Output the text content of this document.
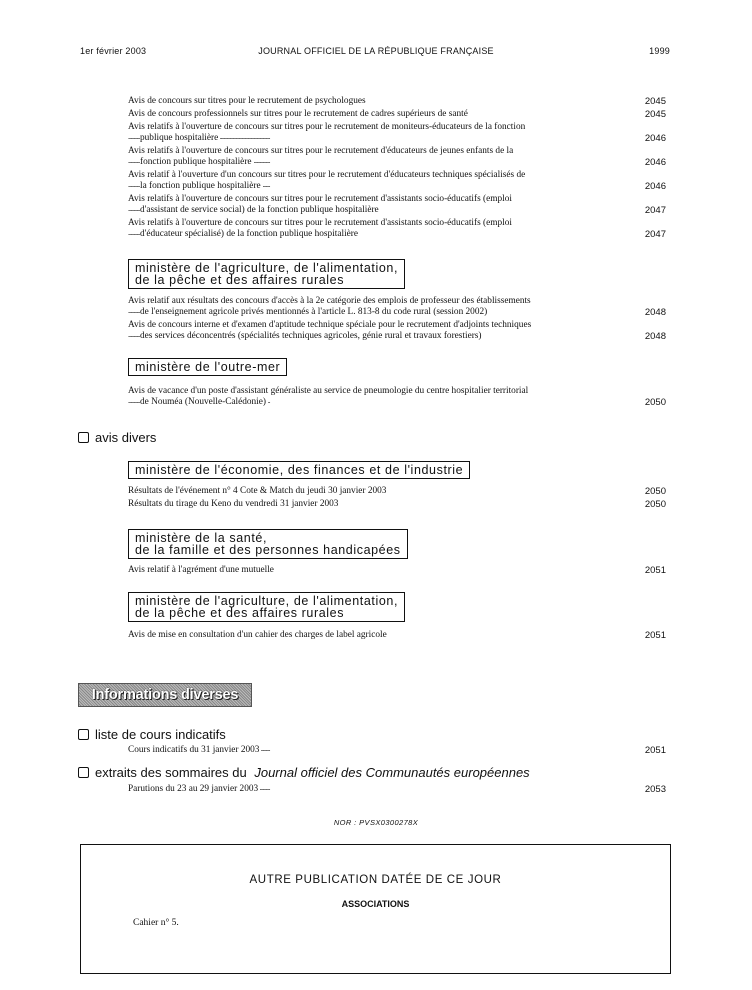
1er février 2003	JOURNAL OFFICIEL DE LA RÉPUBLIQUE FRANÇAISE	1999
Avis de concours sur titres pour le recrutement de psychologues
. . .	2045
Avis de concours professionnels sur titres pour le recrutement de cadres supérieurs de santé
. . .	2045
Avis relatifs à l'ouverture de concours sur titres pour le recrutement de moniteurs-éducateurs de la fonction
publique hospitalière
. . .	2046
Avis relatifs à l'ouverture de concours sur titres pour le recrutement d'éducateurs de jeunes enfants de la
fonction publique hospitalière
. . .	2046
Avis relatif à l'ouverture d'un concours sur titres pour le recrutement d'éducateurs techniques spécialisés de
la fonction publique hospitalière
. . .	2046
Avis relatifs à l'ouverture de concours sur titres pour le recrutement d'assistants socio-éducatifs (emploi
d'assistant de service social) de la fonction publique hospitalière
. . .	2047
Avis relatifs à l'ouverture de concours sur titres pour le recrutement d'assistants socio-éducatifs (emploi
d'éducateur spécialisé) de la fonction publique hospitalière
. . .	2047
ministère de l'agriculture, de l'alimentation,
de la pêche et des affaires rurales
Avis relatif aux résultats des concours d'accès à la 2e catégorie des emplois de professeur des établissements
de l'enseignement agricole privés mentionnés à l'article L. 813-8 du code rural (session 2002)
. . .	2048
Avis de concours interne et d'examen d'aptitude technique spéciale pour le recrutement d'adjoints techniques
des services déconcentrés (spécialités techniques agricoles, génie rural et travaux forestiers)
. . .	2048
ministère de l'outre-mer
Avis de vacance d'un poste d'assistant généraliste au service de pneumologie du centre hospitalier territorial
de Nouméa (Nouvelle-Calédonie)
. . .	2050
avis divers
ministère de l'économie, des finances et de l'industrie
Résultats de l'événement n° 4 Cote & Match du jeudi 30 janvier 2003
. . .	2050
Résultats du tirage du Keno du vendredi 31 janvier 2003
. . .	2050
ministère de la santé,
de la famille et des personnes handicapées
Avis relatif à l'agrément d'une mutuelle
. . .	2051
ministère de l'agriculture, de l'alimentation,
de la pêche et des affaires rurales
Avis de mise en consultation d'un cahier des charges de label agricole
. . .	2051
Informations diverses
liste de cours indicatifs
Cours indicatifs du 31 janvier 2003
. . .	2051
extraits des sommaires du Journal officiel des Communautés européennes
Parutions du 23 au 29 janvier 2003
. . .	2053
NOR : PVSX0300278X
AUTRE PUBLICATION DATÉE DE CE JOUR
ASSOCIATIONS
Cahier n° 5.
